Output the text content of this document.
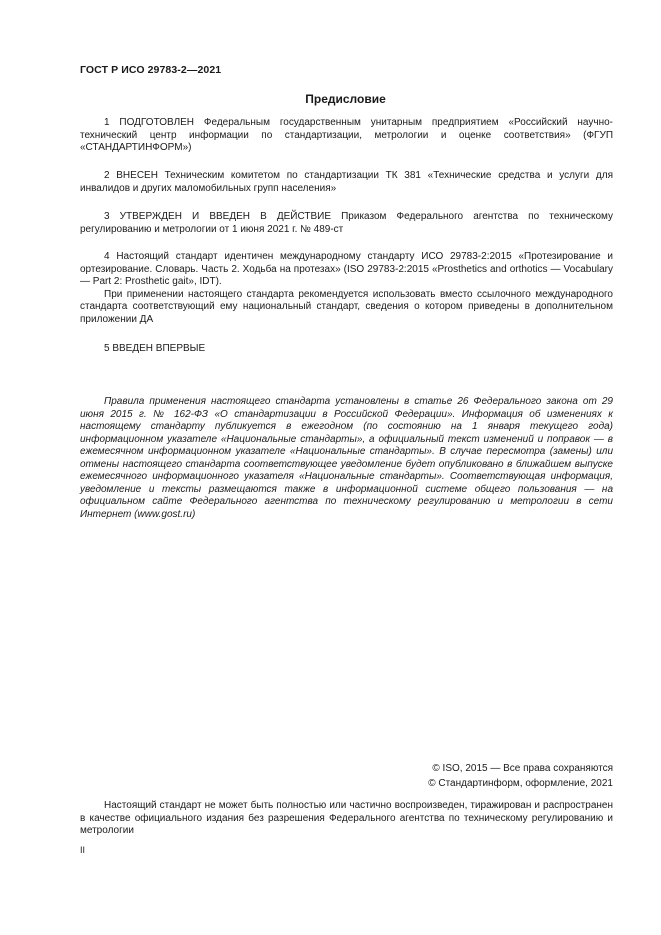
ГОСТ Р ИСО 29783-2—2021
Предисловие

1 ПОДГОТОВЛЕН Федеральным государственным унитарным предприятием «Российский научно-технический центр информации по стандартизации, метрологии и оценке соответствия» (ФГУП «СТАНДАРТИНФОРМ»)

2 ВНЕСЕН Техническим комитетом по стандартизации ТК 381 «Технические средства и услуги для инвалидов и других маломобильных групп населения»

3 УТВЕРЖДЕН И ВВЕДЕН В ДЕЙСТВИЕ Приказом Федерального агентства по техническому регулированию и метрологии от 1 июня 2021 г. № 489-ст

4 Настоящий стандарт идентичен международному стандарту ИСО 29783-2:2015 «Протезирование и ортезирование. Словарь. Часть 2. Ходьба на протезах» (ISO 29783-2:2015 «Prosthetics and orthotics — Vocabulary — Part 2: Prosthetic gait», IDT).

При применении настоящего стандарта рекомендуется использовать вместо ссылочного международного стандарта соответствующий ему национальный стандарт, сведения о котором приведены в дополнительном приложении ДА

5 ВВЕДЕН ВПЕРВЫЕ

Правила применения настоящего стандарта установлены в статье 26 Федерального закона от 29 июня 2015 г. № 162-ФЗ «О стандартизации в Российской Федерации». Информация об изменениях к настоящему стандарту публикуется в ежегодном (по состоянию на 1 января текущего года) информационном указателе «Национальные стандарты», а официальный текст изменений и поправок — в ежемесячном информационном указателе «Национальные стандарты». В случае пересмотра (замены) или отмены настоящего стандарта соответствующее уведомление будет опубликовано в ближайшем выпуске ежемесячного информационного указателя «Национальные стандарты». Соответствующая информация, уведомление и тексты размещаются также в информационной системе общего пользования — на официальном сайте Федерального агентства по техническому регулированию и метрологии в сети Интернет (www.gost.ru)

© ISO, 2015 — Все права сохраняются
© Стандартинформ, оформление, 2021

Настоящий стандарт не может быть полностью или частично воспроизведен, тиражирован и распространен в качестве официального издания без разрешения Федерального агентства по техническому регулированию и метрологии

II
